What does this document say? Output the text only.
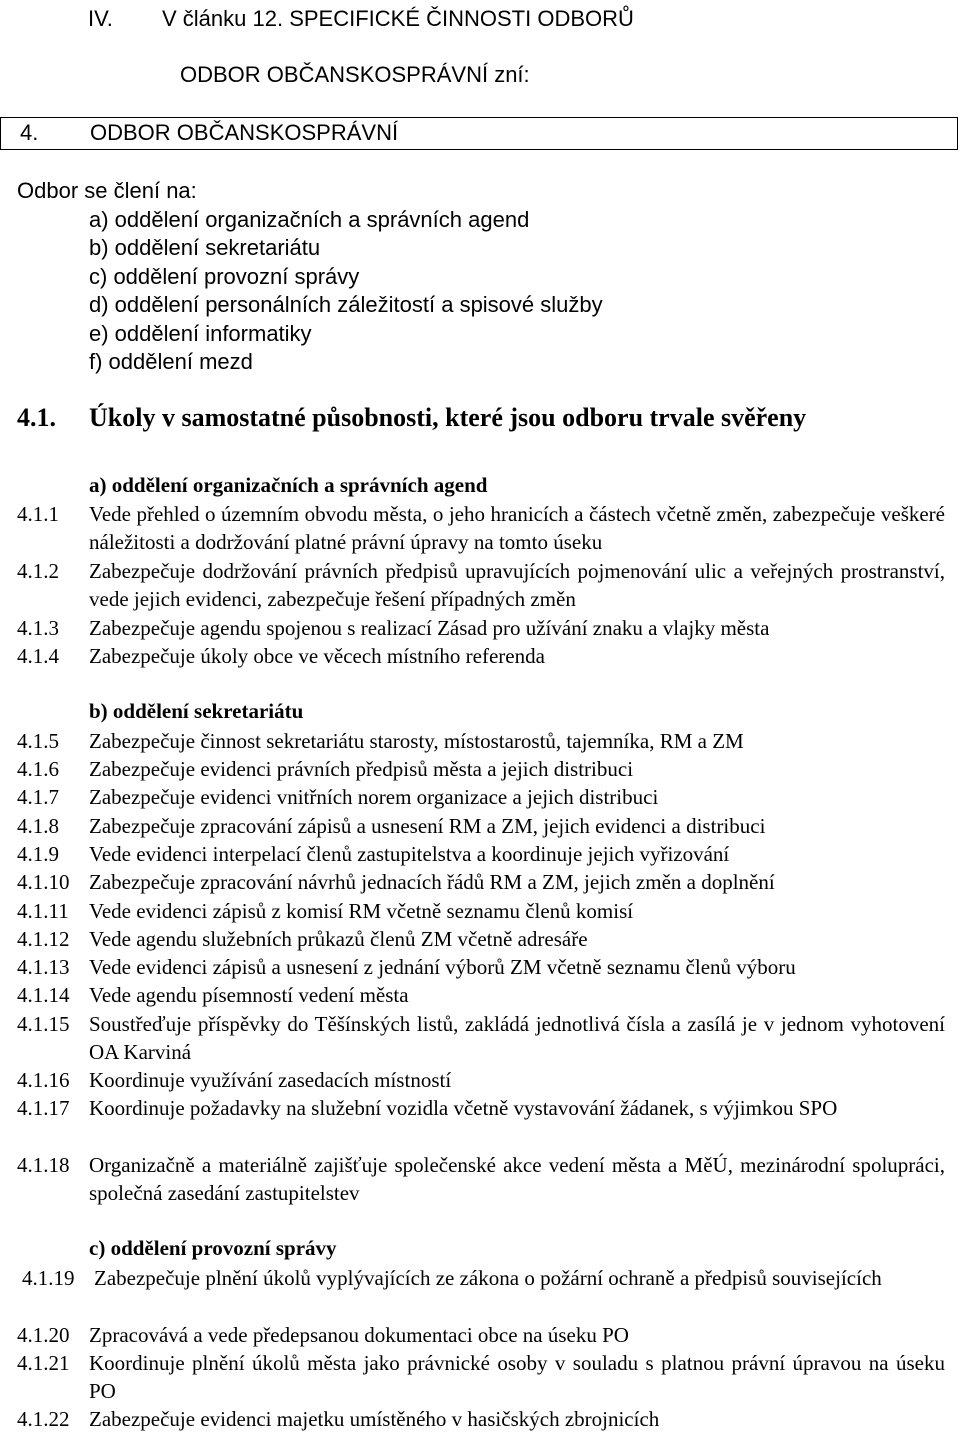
IV. V článku 12. SPECIFICKÉ ČINNOSTI ODBORŮ
ODBOR OBČANSKOSPRÁVNÍ zní:
4. ODBOR OBČANSKOSPRÁVNÍ
Odbor se člení na:
a) oddělení organizačních a správních agend
b) oddělení sekretariátu
c) oddělení provozní správy
d) oddělení personálních záležitostí a spisové služby
e) oddělení informatiky
f) oddělení mezd
4.1. Úkoly v samostatné působnosti, které jsou odboru trvale svěřeny
a) oddělení organizačních a správních agend
4.1.1 Vede přehled o územním obvodu města, o jeho hranicích a částech včetně změn, zabezpečuje veškeré náležitosti a dodržování platné právní úpravy na tomto úseku
4.1.2 Zabezpečuje dodržování právních předpisů upravujících pojmenování ulic a veřejných prostranství, vede jejich evidenci, zabezpečuje řešení případných změn
4.1.3 Zabezpečuje agendu spojenou s realizací Zásad pro užívání znaku a vlajky města
4.1.4 Zabezpečuje úkoly obce ve věcech místního referenda
b) oddělení sekretariátu
4.1.5 Zabezpečuje činnost sekretariátu starosty, místostarostů, tajemníka, RM a ZM
4.1.6 Zabezpečuje evidenci právních předpisů města a jejich distribuci
4.1.7 Zabezpečuje evidenci vnitřních norem organizace a jejich distribuci
4.1.8 Zabezpečuje zpracování zápisů a usnesení RM a ZM, jejich evidenci a distribuci
4.1.9 Vede evidenci interpelací členů zastupitelstva a koordinuje jejich vyřizování
4.1.10 Zabezpečuje zpracování návrhů jednacích řádů RM a ZM, jejich změn a doplnění
4.1.11 Vede evidenci zápisů z komisí RM včetně seznamu členů komisí
4.1.12 Vede agendu služebních průkazů členů ZM včetně adresáře
4.1.13 Vede evidenci zápisů a usnesení z jednání výborů ZM včetně seznamu členů výboru
4.1.14 Vede agendu písemností vedení města
4.1.15 Soustřeďuje příspěvky do Těšínských listů, zakládá jednotlivá čísla a zasílá je v jednom vyhotovení OA Karviná
4.1.16 Koordinuje využívání zasedacích místností
4.1.17 Koordinuje požadavky na služební vozidla včetně vystavování žádanek, s výjimkou SPO
4.1.18 Organizačně a materiálně zajišťuje společenské akce vedení města a MěÚ, mezinárodní spolupráci, společná zasedání zastupitelstev
c) oddělení provozní správy
4.1.19 Zabezpečuje plnění úkolů vyplývajících ze zákona o požární ochraně a předpisů souvisejících
4.1.20 Zpracovává a vede předepsanou dokumentaci obce na úseku PO
4.1.21 Koordinuje plnění úkolů města jako právnické osoby v souladu s platnou právní úpravou na úseku PO
4.1.22 Zabezpečuje evidenci majetku umístěného v hasičských zbrojnicích
